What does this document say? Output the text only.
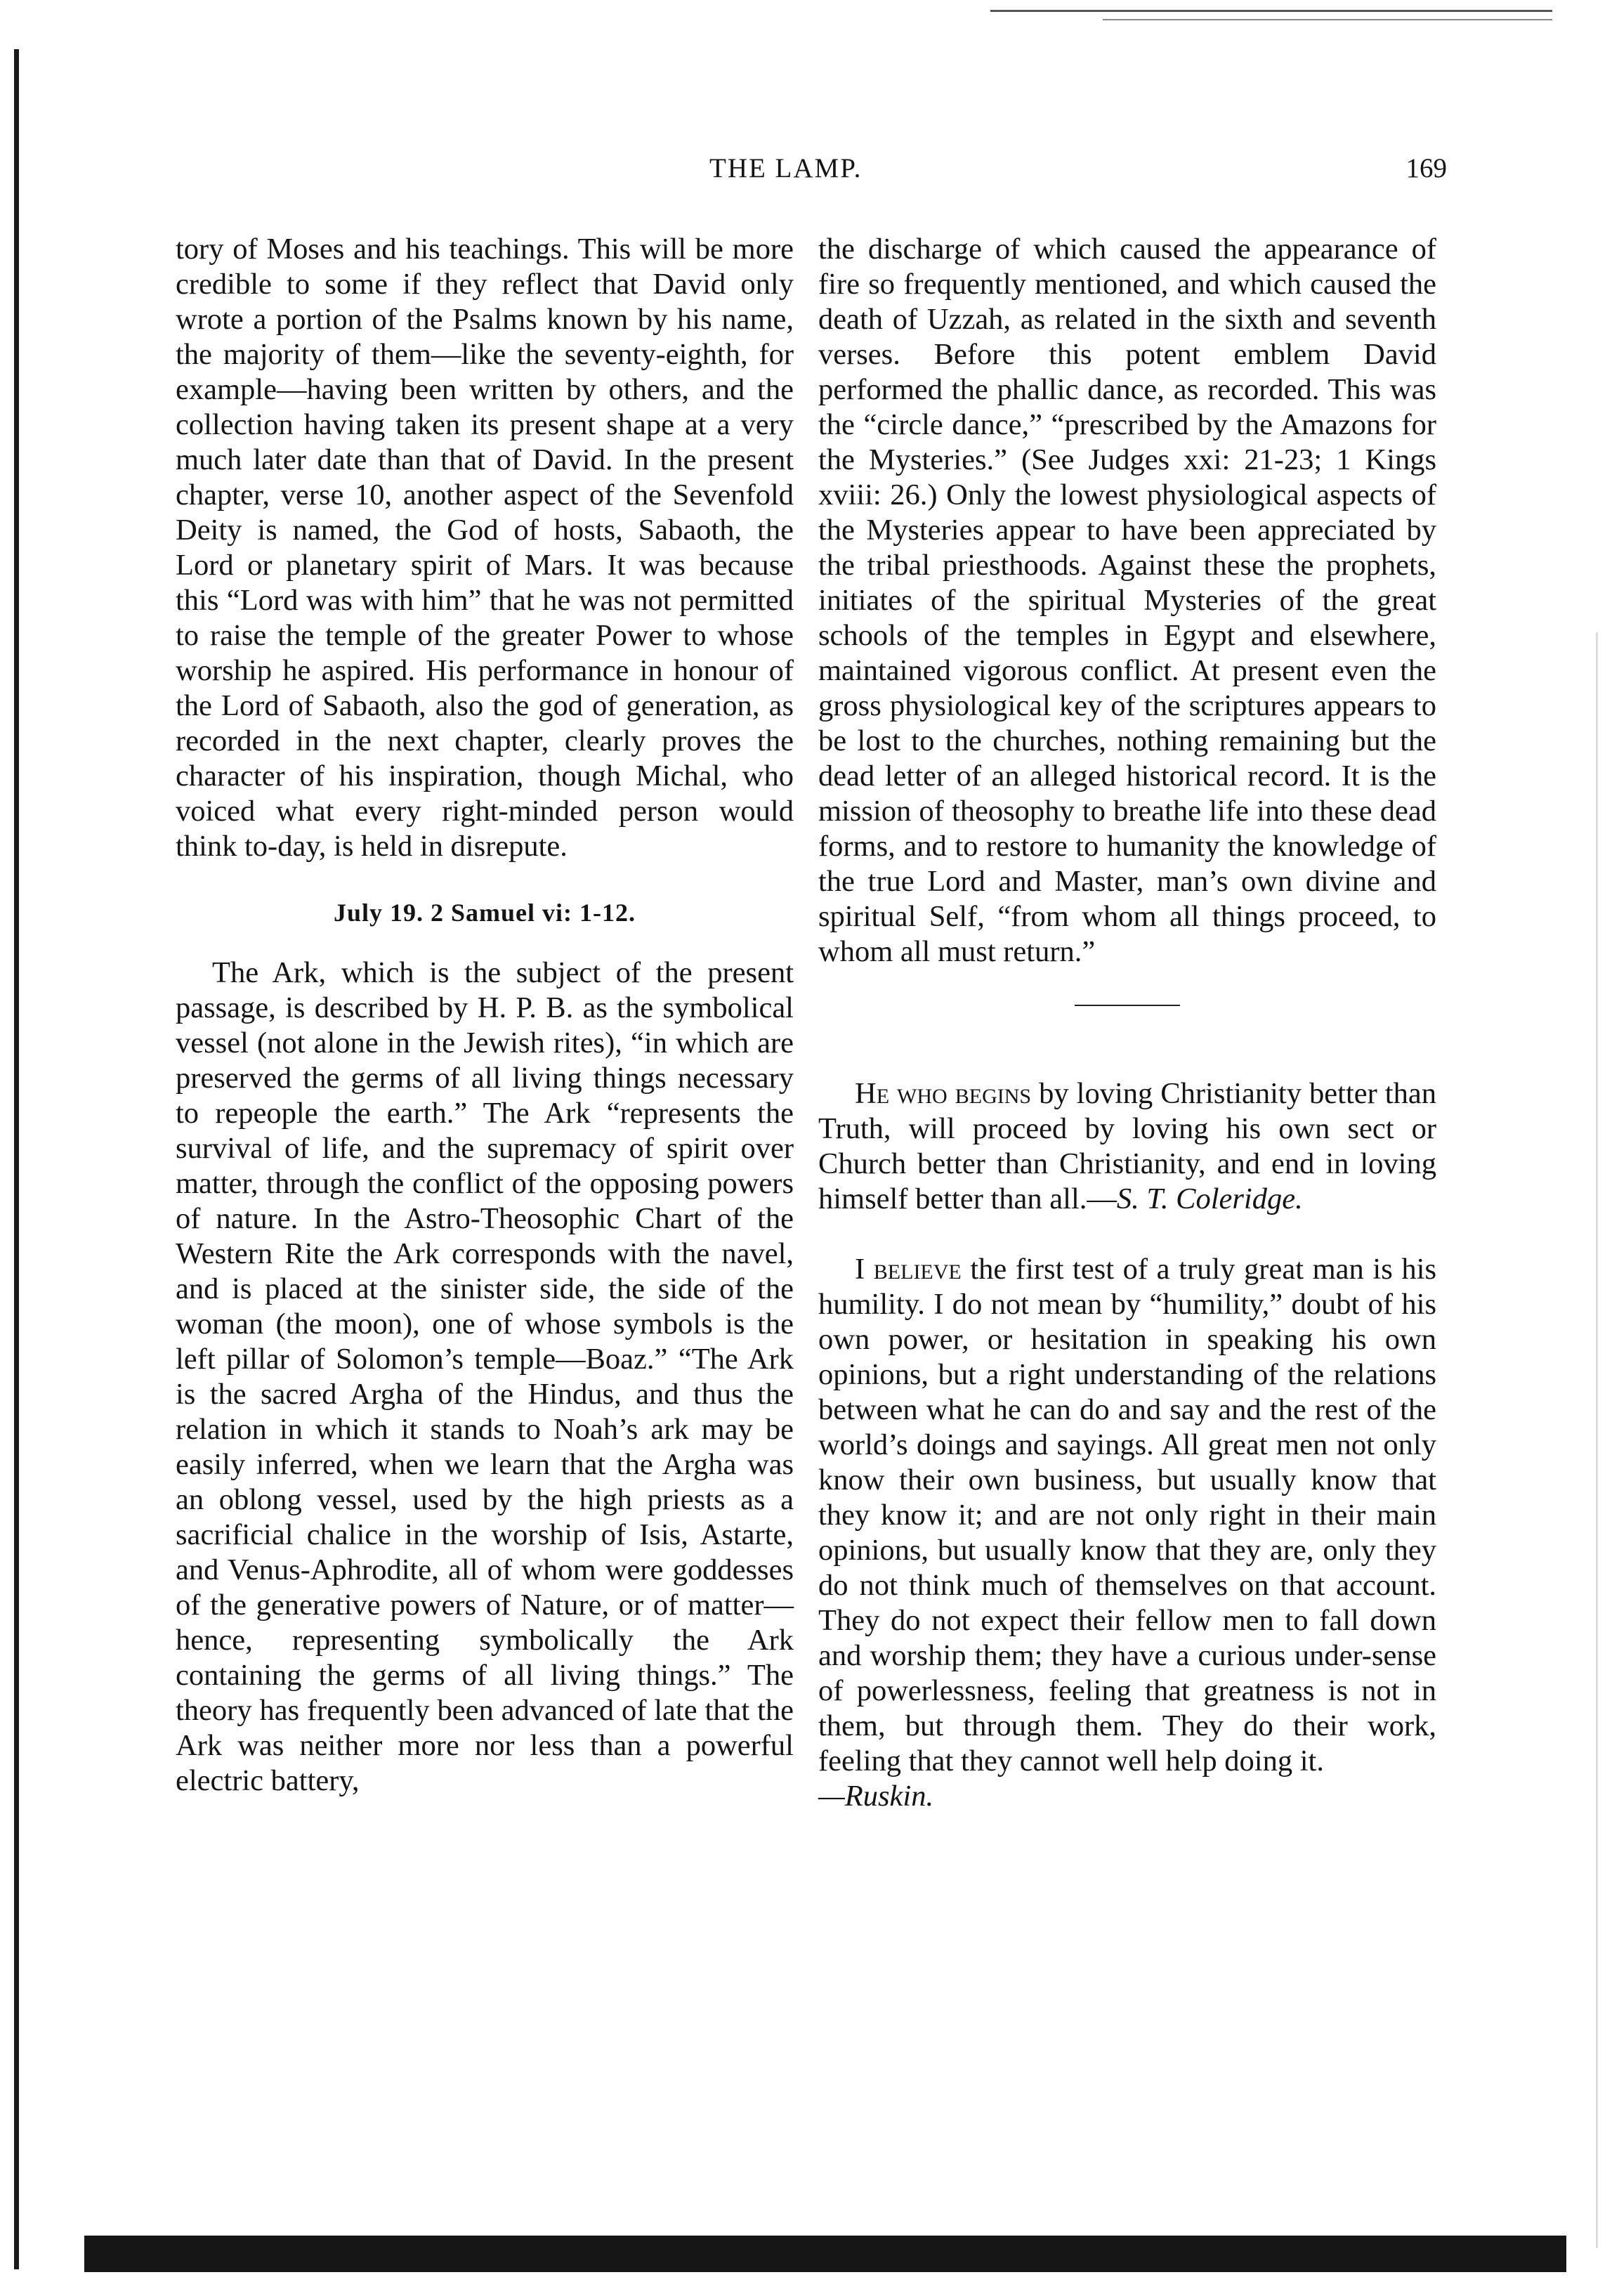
THE LAMP.	169

tory of Moses and his teachings. This will be more credible to some if they reflect that David only wrote a portion of the Psalms known by his name, the majority of them—like the seventy-eighth, for example—having been written by others, and the collection having taken its present shape at a very much later date than that of David. In the present chapter, verse 10, another aspect of the Sevenfold Deity is named, the God of hosts, Sabaoth, the Lord or planetary spirit of Mars. It was because this “Lord was with him” that he was not permitted to raise the temple of the greater Power to whose worship he aspired. His performance in honour of the Lord of Sabaoth, also the god of generation, as recorded in the next chapter, clearly proves the character of his inspiration, though Michal, who voiced what every right-minded person would think to-day, is held in disrepute.

July 19. 2 Samuel vi: 1-12.

The Ark, which is the subject of the present passage, is described by H. P. B. as the symbolical vessel (not alone in the Jewish rites), “in which are preserved the germs of all living things necessary to repeople the earth.” The Ark “represents the survival of life, and the supremacy of spirit over matter, through the conflict of the opposing powers of nature. In the Astro-Theosophic Chart of the Western Rite the Ark corresponds with the navel, and is placed at the sinister side, the side of the woman (the moon), one of whose symbols is the left pillar of Solomon’s temple—Boaz.” “The Ark is the sacred Argha of the Hindus, and thus the relation in which it stands to Noah’s ark may be easily inferred, when we learn that the Argha was an oblong vessel, used by the high priests as a sacrificial chalice in the worship of Isis, Astarte, and Venus-Aphrodite, all of whom were goddesses of the generative powers of Nature, or of matter—hence, representing symbolically the Ark containing the germs of all living things.” The theory has frequently been advanced of late that the Ark was neither more nor less than a powerful electric battery,

the discharge of which caused the appearance of fire so frequently mentioned, and which caused the death of Uzzah, as related in the sixth and seventh verses. Before this potent emblem David performed the phallic dance, as recorded. This was the “circle dance,” “prescribed by the Amazons for the Mysteries.” (See Judges xxi: 21-23; 1 Kings xviii: 26.) Only the lowest physiological aspects of the Mysteries appear to have been appreciated by the tribal priesthoods. Against these the prophets, initiates of the spiritual Mysteries of the great schools of the temples in Egypt and elsewhere, maintained vigorous conflict. At present even the gross physiological key of the scriptures appears to be lost to the churches, nothing remaining but the dead letter of an alleged historical record. It is the mission of theosophy to breathe life into these dead forms, and to restore to humanity the knowledge of the true Lord and Master, man’s own divine and spiritual Self, “from whom all things proceed, to whom all must return.”

He who begins by loving Christianity better than Truth, will proceed by loving his own sect or Church better than Christianity, and end in loving himself better than all.—S. T. Coleridge.

I believe the first test of a truly great man is his humility. I do not mean by “humility,” doubt of his own power, or hesitation in speaking his own opinions, but a right understanding of the relations between what he can do and say and the rest of the world’s doings and sayings. All great men not only know their own business, but usually know that they know it; and are not only right in their main opinions, but usually know that they are, only they do not think much of themselves on that account. They do not expect their fellow men to fall down and worship them; they have a curious under-sense of powerlessness, feeling that greatness is not in them, but through them. They do their work, feeling that they cannot well help doing it.
—Ruskin.
